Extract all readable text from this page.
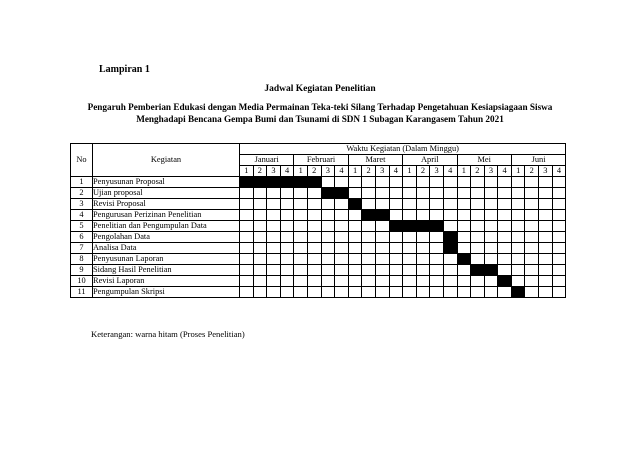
Lampiran 1
Jadwal Kegiatan Penelitian
Pengaruh Pemberian Edukasi dengan Media Permainan Teka-teki Silang Terhadap Pengetahuan Kesiapsiagaan Siswa
Menghadapi Bencana Gempa Bumi dan Tsunami di SDN 1 Subagan Karangasem Tahun 2021
No	Kegiatan	Waktu Kegiatan (Dalam Minggu)																							
		Januari				Februari				Maret				April				Mei				Juni			
		1	2	3	4	1	2	3	4	1	2	3	4	1	2	3	4	1	2	3	4	1	2	3	4
1	Penyusunan Proposal																								
2	Ujian proposal																								
3	Revisi Proposal																								
4	Pengurusan Perizinan Penelitian																								
5	Penelitian dan Pengumpulan Data																								
6	Pengolahan Data																								
7	Analisa Data																								
8	Penyusunan Laporan																								
9	Sidang Hasil Penelitian																								
10	Revisi Laporan																								
11	Pengumpulan Skripsi																								
Keterangan: warna hitam (Proses Penelitian)
